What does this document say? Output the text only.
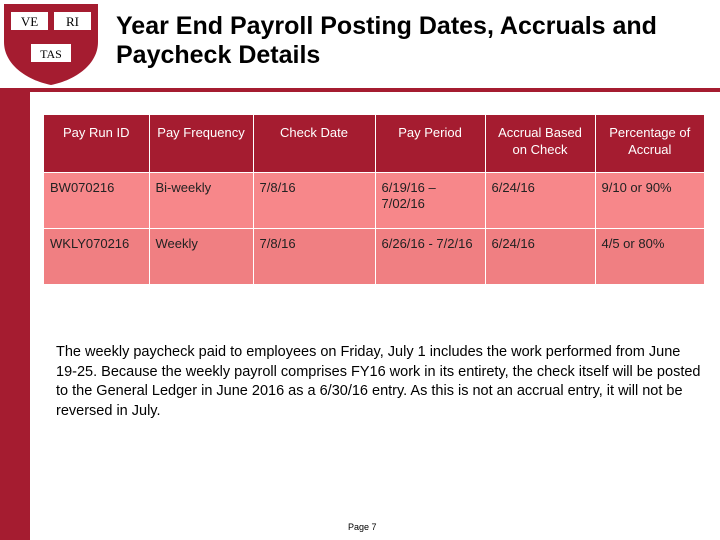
VE RI
TAS
Year End Payroll Posting Dates, Accruals and Paycheck Details
Pay Run ID	Pay Frequency	Check Date	Pay Period	Accrual Based on Check	Percentage of Accrual
BW070216	Bi-weekly	7/8/16	6/19/16 – 7/02/16	6/24/16	9/10 or 90%
WKLY070216	Weekly	7/8/16	6/26/16 - 7/2/16	6/24/16	4/5 or 80%
The weekly paycheck paid to employees on Friday, July 1 includes the work performed from June 19-25. Because the weekly payroll comprises FY16 work in its entirety, the check itself will be posted to the General Ledger in June 2016 as a 6/30/16 entry. As this is not an accrual entry, it will not be reversed in July.
Page 7
